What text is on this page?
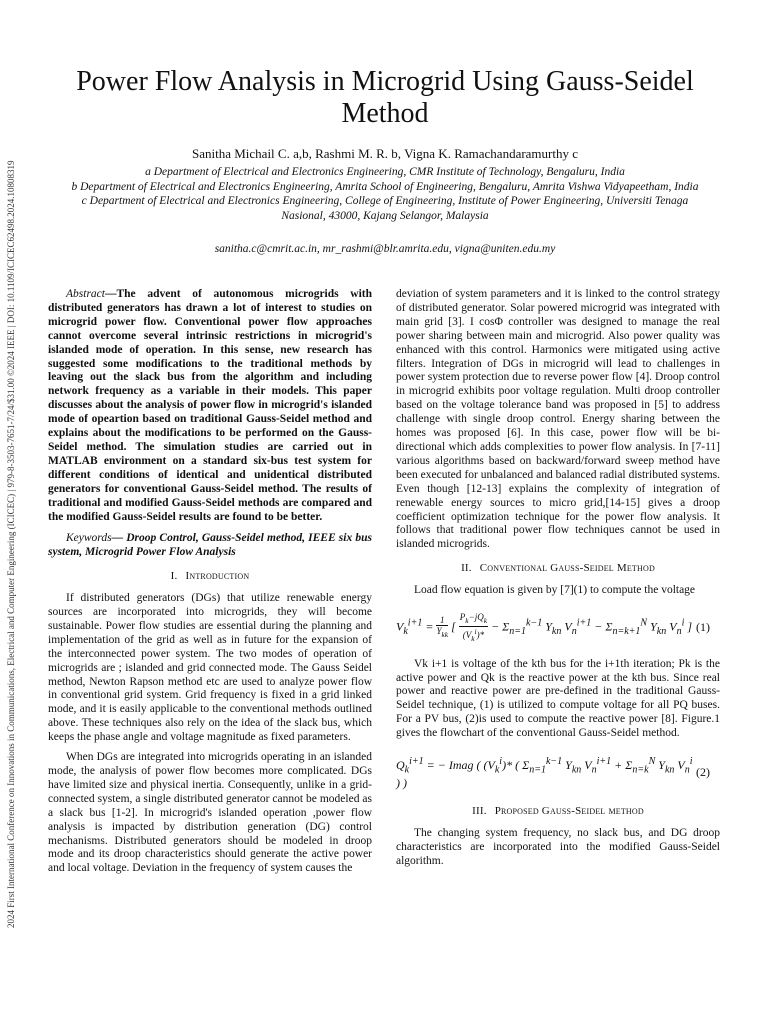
2024 First International Conference on Innovations in Communications, Electrical and Computer Engineering (ICICEC) | 979-8-3503-7651-7/24/$31.00 ©2024 IEEE | DOI: 10.1109/ICICEC62498.2024.10808319
Power Flow Analysis in Microgrid Using Gauss-Seidel Method
Sanitha Michail C. a,b, Rashmi M. R. b, Vigna K. Ramachandaramurthy c
a Department of Electrical and Electronics Engineering, CMR Institute of Technology, Bengaluru, India
b Department of Electrical and Electronics Engineering, Amrita School of Engineering, Bengaluru, Amrita Vishwa Vidyapeetham, India
c Department of Electrical and Electronics Engineering, College of Engineering, Institute of Power Engineering, Universiti Tenaga Nasional, 43000, Kajang Selangor, Malaysia
sanitha.c@cmrit.ac.in, mr_rashmi@blr.amrita.edu, vigna@uniten.edu.my

Abstract—The advent of autonomous microgrids with distributed generators has drawn a lot of interest to studies on microgrid power flow. Conventional power flow approaches cannot overcome several intrinsic restrictions in microgrid's islanded mode of operation. In this sense, new research has suggested some modifications to the traditional methods by leaving out the slack bus from the algorithm and including network frequency as a variable in their models. This paper discusses about the analysis of power flow in microgrid's islanded mode of opeartion based on traditional Gauss-Seidel method and explains about the modifications to be performed on the Gauss-Seidel method. The simulation studies are carried out in MATLAB environment on a standard six-bus test system for different conditions of identical and unidentical distributed generators for conventional Gauss-Seidel method. The results of traditional and modified Gauss-Seidel methods are compared and the modified Gauss-Seidel results are found to be better.

Keywords— Droop Control, Gauss-Seidel method, IEEE six bus system, Microgrid Power Flow Analysis

I. Introduction

If distributed generators (DGs) that utilize renewable energy sources are incorporated into microgrids, they will become sustainable. Power flow studies are essential during the planning and implementation of the grid as well as in future for the expansion of the interconnected power system. The two modes of operation of microgrids are ; islanded and grid connected mode. The Gauss Seidel method, Newton Rapson method etc are used to analyze power flow in conventional grid system. Grid frequency is fixed in a grid linked mode, and it is easily applicable to the conventional methods outlined above. These techniques also rely on the idea of the slack bus, which keeps the phase angle and voltage magnitude as fixed parameters.

When DGs are integrated into microgrids operating in an islanded mode, the analysis of power flow becomes more complicated. DGs have limited size and physical inertia. Consequently, unlike in a grid-connected system, a single distributed generator cannot be modeled as a slack bus [1-2]. In microgrid's islanded operation ,power flow analysis is impacted by distribution generation (DG) control mechanisms. Distributed generators should be modeled in droop mode and its droop characteristics should generate the active power and local voltage. Deviation in the frequency of system causes the

deviation of system parameters and it is linked to the control strategy of distributed generator. Solar powered microgrid was integrated with main grid [3]. I cosΦ controller was designed to manage the real power sharing between main and microgrid. Also power quality was enhanced with this control. Harmonics were mitigated using active filters. Integration of DGs in microgrid will lead to challenges in power system protection due to reverse power flow [4]. Droop control in microgrid exhibits poor voltage regulation. Multi droop controller based on the voltage tolerance band was proposed in [5] to address challenge with single droop control. Energy sharing between the homes was proposed [6]. In this case, power flow will be bi-directional which adds complexities to power flow analysis. In [7-11] various algorithms based on backward/forward sweep method have been executed for unbalanced and balanced radial distributed systems. Even though [12-13] explains the complexity of integration of renewable energy sources to micro grid,[14-15] gives a droop coefficient optimization technique for the power flow analysis. It follows that traditional power flow techniques cannot be used in islanded microgrids.

II. Conventional Gauss-Seidel Method

Load flow equation is given by [7](1) to compute the voltage

$V_k^{i+1} = \frac{1}{Y_{kk}}$ [ $\frac{P_k-jQ_k}{(V_k^i)*} - \Sigma_{n=1}^{k-1}$ $Y_{kn}$ $V_n^{i+1} - \Sigma_{n=k+1}^N$ $Y_{kn}$ $V_n^i$ ] (1)

Vk i+1 is voltage of the kth bus for the i+1th iteration; Pk is the active power and Qk is the reactive power at the kth bus. Since real power and reactive power are pre-defined in the traditional Gauss-Seidel technique, (1) is utilized to compute voltage for all PQ buses. For a PV bus, (2)is used to compute the reactive power [8]. Figure.1 gives the flowchart of the conventional Gauss-Seidel method.

$Q_k^{i+1}$ = − Imag ( $(V_k^i)*$ ( $\Sigma_{n=1}^{k-1}$ $Y_{kn}$ $V_n^{i+1} + \Sigma_{n=k}^N$ $Y_{kn}$ $V_n^i$ ) )
(2)
III. Proposed Gauss-Seidel method

The changing system frequency, no slack bus, and DG droop characteristics are incorporated into the modified Gauss-Seidel algorithm.
